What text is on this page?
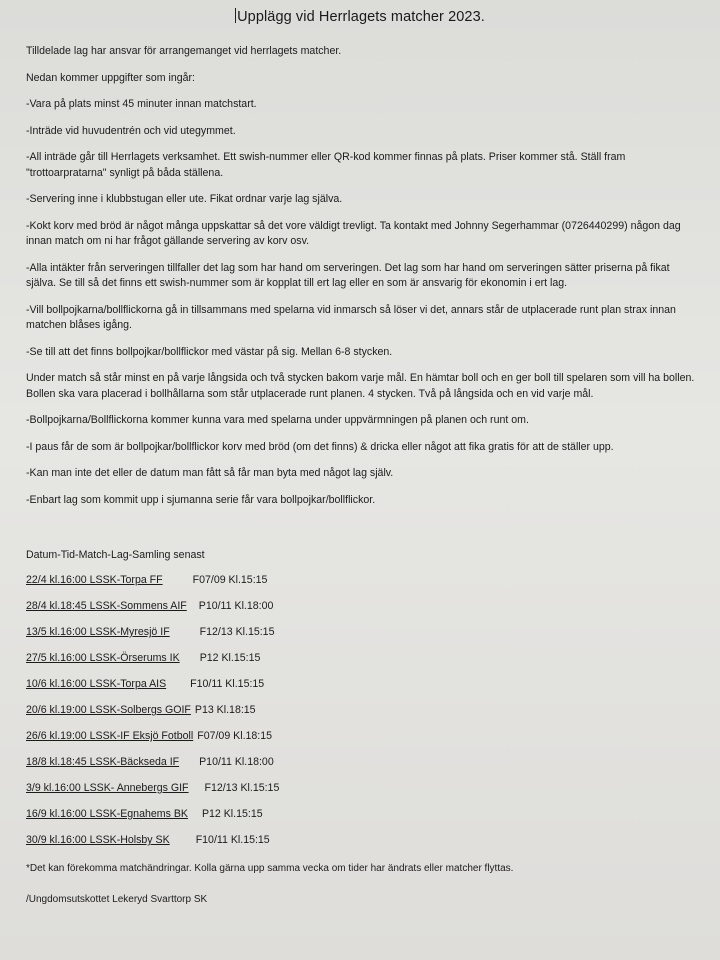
Upplägg vid Herrlagets matcher 2023.
Tilldelade lag har ansvar för arrangemanget vid herrlagets matcher.
Nedan kommer uppgifter som ingår:
-Vara på plats minst 45 minuter innan matchstart.
-Inträde vid huvudentrén och vid utegymmet.
-All inträde går till Herrlagets verksamhet. Ett swish-nummer eller QR-kod kommer finnas på plats. Priser kommer stå. Ställ fram "trottoarpratarna" synligt på båda ställena.
-Servering inne i klubbstugan eller ute. Fikat ordnar varje lag själva.
-Kokt korv med bröd är något många uppskattar så det vore väldigt trevligt. Ta kontakt med Johnny Segerhammar (0726440299) någon dag innan match om ni har frågot gällande servering av korv osv.
-Alla intäkter från serveringen tillfaller det lag som har hand om serveringen. Det lag som har hand om serveringen sätter priserna på fikat själva. Se till så det finns ett swish-nummer som är kopplat till ert lag eller en som är ansvarig för ekonomin i ert lag.
-Vill bollpojkarna/bollflickorna gå in tillsammans med spelarna vid inmarsch så löser vi det, annars står de utplacerade runt plan strax innan matchen blåses igång.
-Se till att det finns bollpojkar/bollflickor med västar på sig. Mellan 6-8 stycken.
Under match så står minst en på varje långsida och två stycken bakom varje mål. En hämtar boll och en ger boll till spelaren som vill ha bollen. Bollen ska vara placerad i bollhållarna som står utplacerade runt planen. 4 stycken. Två på långsida och en vid varje mål.
-Bollpojkarna/Bollflickorna kommer kunna vara med spelarna under uppvärmningen på planen och runt om.
-I paus får de som är bollpojkar/bollflickor korv med bröd (om det finns) & dricka eller något att fika gratis för att de ställer upp.
-Kan man inte det eller de datum man fått så får man byta med något lag själv.
-Enbart lag som kommit upp i sjumanna serie får vara bollpojkar/bollflickor.
Datum-Tid-Match-Lag-Samling senast
22/4 kl.16:00 LSSK-Torpa FF	F07/09 Kl.15:15
28/4 kl.18:45 LSSK-Sommens AIF P10/11 Kl.18:00
13/5 kl.16:00 LSSK-Myresjö IF	F12/13 Kl.15:15
27/5 kl.16:00 LSSK-Örserums IK P12 Kl.15:15
10/6 kl.16:00 LSSK-Torpa AIS F10/11 Kl.15:15
20/6 kl.19:00 LSSK-Solbergs GOIF P13 Kl.18:15
26/6 kl.19:00 LSSK-IF Eksjö Fotboll F07/09 Kl.18:15
18/8 kl.18:45 LSSK-Bäckseda IF P10/11 Kl.18:00
3/9 kl.16:00 LSSK- Annebergs GIF F12/13 Kl.15:15
16/9 kl.16:00 LSSK-Egnahems BK P12 Kl.15:15
30/9 kl.16:00 LSSK-Holsby SK F10/11 Kl.15:15
*Det kan förekomma matchändringar. Kolla gärna upp samma vecka om tider har ändrats eller matcher flyttas.
/Ungdomsutskottet Lekeryd Svarttorp SK
